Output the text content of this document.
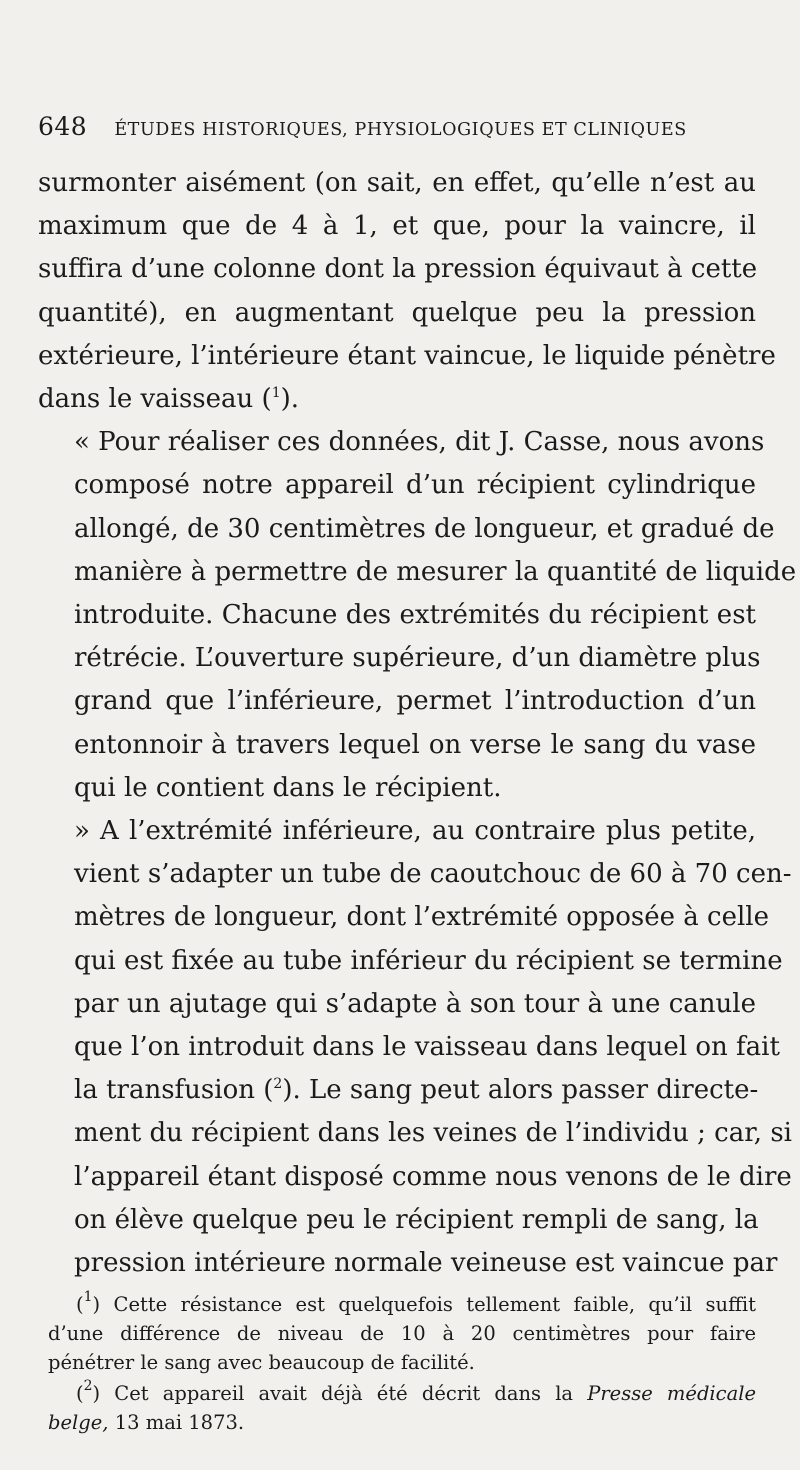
648 ÉTUDES HISTORIQUES, PHYSIOLOGIQUES ET CLINIQUES

surmonter aisément (on sait, en effet, qu’elle n’est au
maximum que de 4 à 1, et que, pour la vaincre, il
suffira d’une colonne dont la pression équivaut à cette
quantité), en augmentant quelque peu la pression
extérieure, l’intérieure étant vaincue, le liquide pénètre
dans le vaisseau ($^1$).

« Pour réaliser ces données, dit J. Casse, nous avons
composé notre appareil d’un récipient cylindrique
allongé, de 30 centimètres de longueur, et gradué de
manière à permettre de mesurer la quantité de liquide
introduite. Chacune des extrémités du récipient est
rétrécie. L’ouverture supérieure, d’un diamètre plus
grand que l’inférieure, permet l’introduction d’un
entonnoir à travers lequel on verse le sang du vase
qui le contient dans le récipient.

» A l’extrémité inférieure, au contraire plus petite,
vient s’adapter un tube de caoutchouc de 60 à 70 cen-
mètres de longueur, dont l’extrémité opposée à celle
qui est fixée au tube inférieur du récipient se termine
par un ajutage qui s’adapte à son tour à une canule
que l’on introduit dans le vaisseau dans lequel on fait
la transfusion ($^2$). Le sang peut alors passer directe-
ment du récipient dans les veines de l’individu ; car, si
l’appareil étant disposé comme nous venons de le dire
on élève quelque peu le récipient rempli de sang, la
pression intérieure normale veineuse est vaincue par

($^1$) Cette résistance est quelquefois tellement faible, qu’il suffit
d’une différence de niveau de 10 à 20 centimètres pour faire
pénétrer le sang avec beaucoup de facilité.

($^2$) Cet appareil avait déjà été décrit dans la Presse médicale
belge, 13 mai 1873.
